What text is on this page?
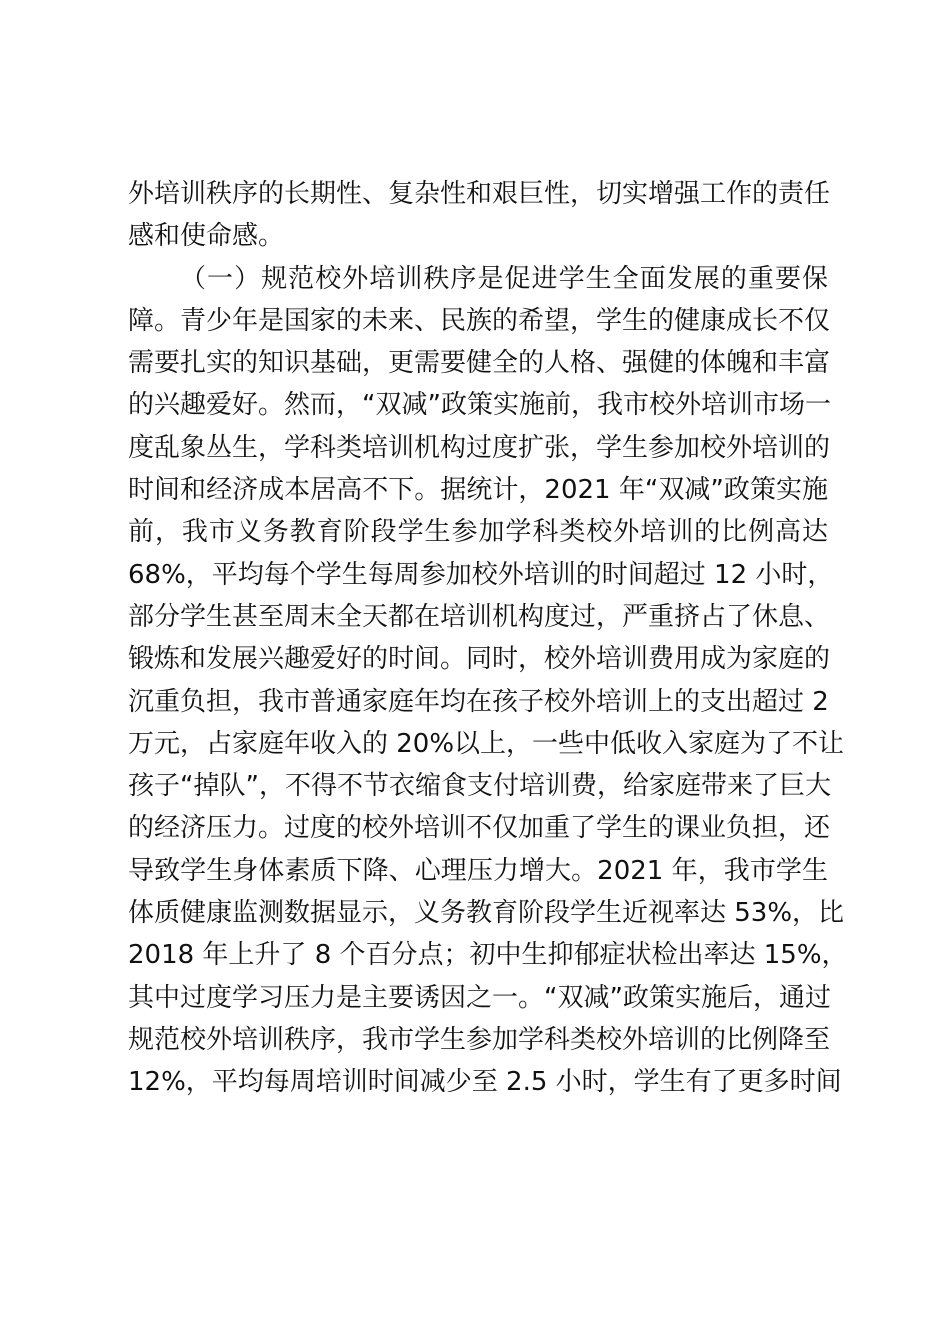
外培训秩序的长期性、复杂性和艰巨性，切实增强工作的责任
感和使命感。
（一）规范校外培训秩序是促进学生全面发展的重要保
障。青少年是国家的未来、民族的希望，学生的健康成长不仅
需要扎实的知识基础，更需要健全的人格、强健的体魄和丰富
的兴趣爱好。然而，“双减”政策实施前，我市校外培训市场一
度乱象丛生，学科类培训机构过度扩张，学生参加校外培训的
时间和经济成本居高不下。据统计，2021 年“双减”政策实施
前，我市义务教育阶段学生参加学科类校外培训的比例高达
68%，平均每个学生每周参加校外培训的时间超过 12 小时，
部分学生甚至周末全天都在培训机构度过，严重挤占了休息、
锻炼和发展兴趣爱好的时间。同时，校外培训费用成为家庭的
沉重负担，我市普通家庭年均在孩子校外培训上的支出超过 2
万元，占家庭年收入的 20%以上，一些中低收入家庭为了不让
孩子“掉队”，不得不节衣缩食支付培训费，给家庭带来了巨大
的经济压力。过度的校外培训不仅加重了学生的课业负担，还
导致学生身体素质下降、心理压力增大。2021 年，我市学生
体质健康监测数据显示，义务教育阶段学生近视率达 53%，比
2018 年上升了 8 个百分点；初中生抑郁症状检出率达 15%，
其中过度学习压力是主要诱因之一。“双减”政策实施后，通过
规范校外培训秩序，我市学生参加学科类校外培训的比例降至
12%，平均每周培训时间减少至 2.5 小时，学生有了更多时间
